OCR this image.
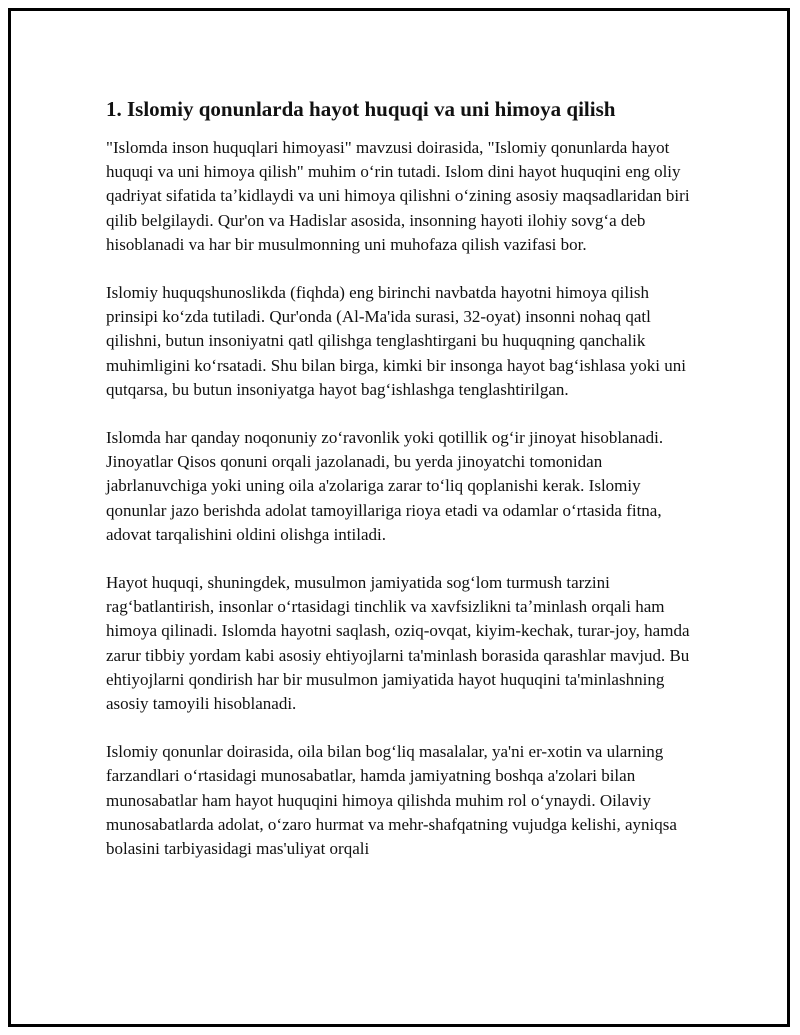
1. Islomiy qonunlarda hayot huquqi va uni himoya qilish

"Islomda inson huquqlari himoyasi" mavzusi doirasida, "Islomiy qonunlarda hayot huquqi va uni himoya qilish" muhim oʻrin tutadi. Islom dini hayot huquqini eng oliy qadriyat sifatida taʼkidlaydi va uni himoya qilishni oʻzining asosiy maqsadlaridan biri qilib belgilaydi. Qur'on va Hadislar asosida, insonning hayoti ilohiy sovgʻa deb hisoblanadi va har bir musulmonning uni muhofaza qilish vazifasi bor.

Islomiy huquqshunoslikda (fiqhda) eng birinchi navbatda hayotni himoya qilish prinsipi koʻzda tutiladi. Qur'onda (Al-Ma'ida surasi, 32-oyat) insonni nohaq qatl qilishni, butun insoniyatni qatl qilishga tenglashtirgani bu huquqning qanchalik muhimligini koʻrsatadi. Shu bilan birga, kimki bir insonga hayot bagʻishlasa yoki uni qutqarsa, bu butun insoniyatga hayot bagʻishlashga tenglashtirilgan.

Islomda har qanday noqonuniy zoʻravonlik yoki qotillik ogʻir jinoyat hisoblanadi. Jinoyatlar Qisos qonuni orqali jazolanadi, bu yerda jinoyatchi tomonidan jabrlanuvchiga yoki uning oila a'zolariga zarar toʻliq qoplanishi kerak. Islomiy qonunlar jazo berishda adolat tamoyillariga rioya etadi va odamlar oʻrtasida fitna, adovat tarqalishini oldini olishga intiladi.

Hayot huquqi, shuningdek, musulmon jamiyatida sogʻlom turmush tarzini ragʻbatlantirish, insonlar oʻrtasidagi tinchlik va xavfsizlikni taʼminlash orqali ham himoya qilinadi. Islomda hayotni saqlash, oziq-ovqat, kiyim-kechak, turar-joy, hamda zarur tibbiy yordam kabi asosiy ehtiyojlarni ta'minlash borasida qarashlar mavjud. Bu ehtiyojlarni qondirish har bir musulmon jamiyatida hayot huquqini ta'minlashning asosiy tamoyili hisoblanadi.

Islomiy qonunlar doirasida, oila bilan bogʻliq masalalar, ya'ni er-xotin va ularning farzandlari oʻrtasidagi munosabatlar, hamda jamiyatning boshqa a'zolari bilan munosabatlar ham hayot huquqini himoya qilishda muhim rol oʻynaydi. Oilaviy munosabatlarda adolat, oʻzaro hurmat va mehr-shafqatning vujudga kelishi, ayniqsa bolasini tarbiyasidagi mas'uliyat orqali
